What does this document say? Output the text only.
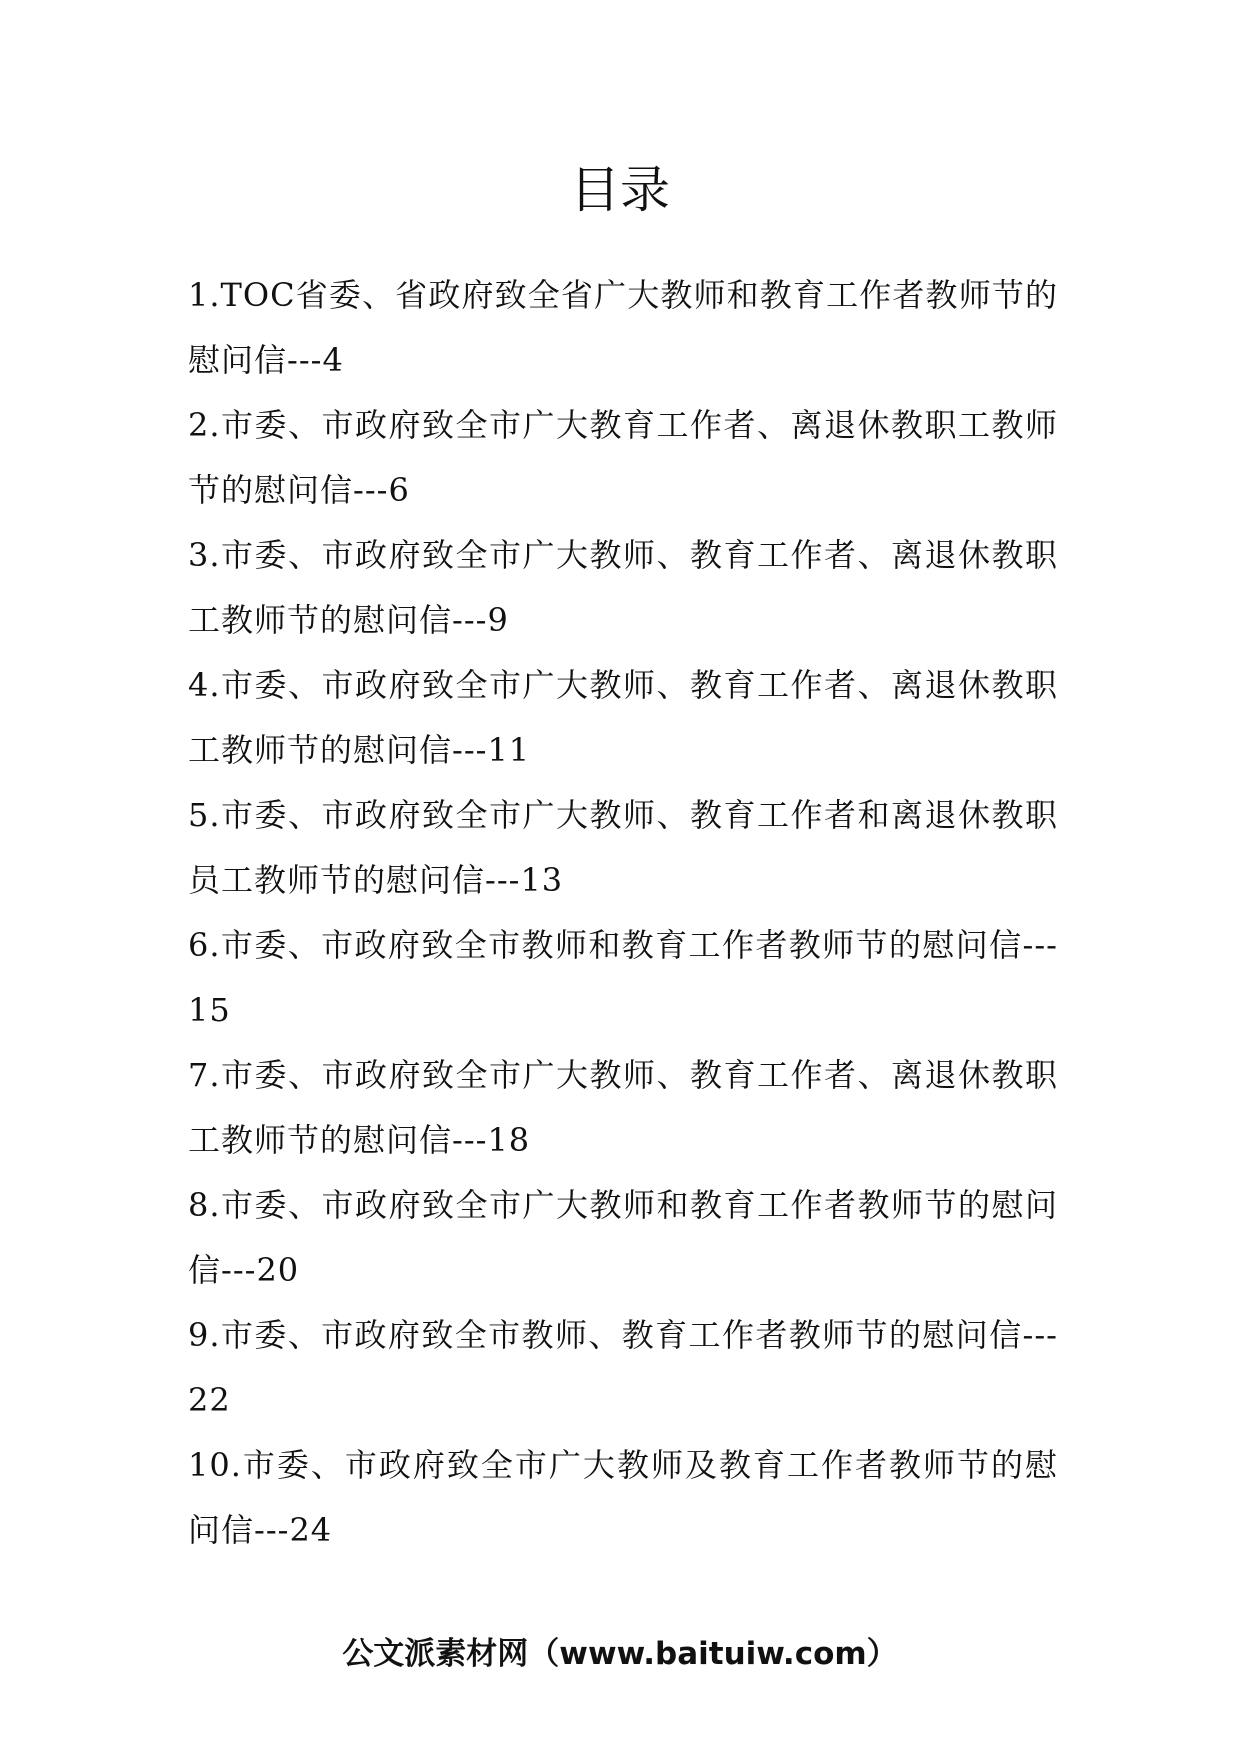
目录
1.TOC省委、省政府致全省广大教师和教育工作者教师节的慰问信---4
2.市委、市政府致全市广大教育工作者、离退休教职工教师节的慰问信---6
3.市委、市政府致全市广大教师、教育工作者、离退休教职工教师节的慰问信---9
4.市委、市政府致全市广大教师、教育工作者、离退休教职工教师节的慰问信---11
5.市委、市政府致全市广大教师、教育工作者和离退休教职员工教师节的慰问信---13
6.市委、市政府致全市教师和教育工作者教师节的慰问信---15
7.市委、市政府致全市广大教师、教育工作者、离退休教职工教师节的慰问信---18
8.市委、市政府致全市广大教师和教育工作者教师节的慰问信---20
9.市委、市政府致全市教师、教育工作者教师节的慰问信---22
10.市委、市政府致全市广大教师及教育工作者教师节的慰问信---24

公文派素材网（www.baituiw.com）
